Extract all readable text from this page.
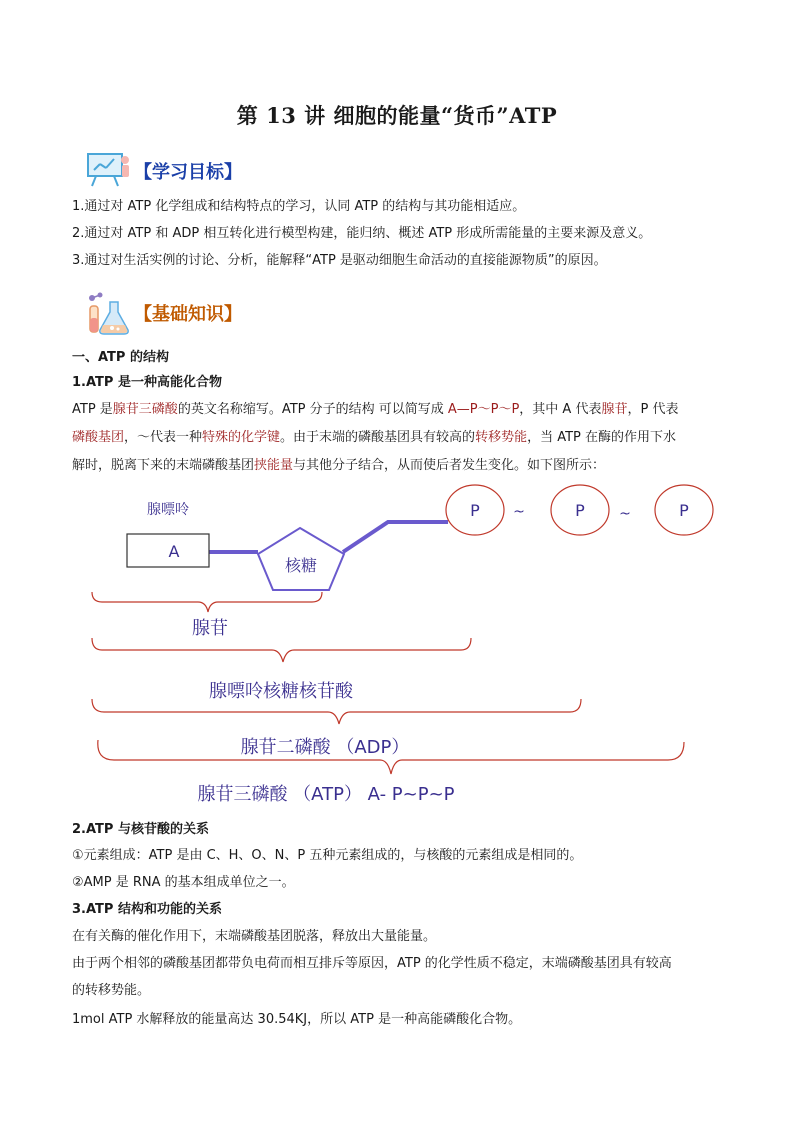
第 13 讲 细胞的能量“货币”ATP
【学习目标】
1.通过对 ATP 化学组成和结构特点的学习，认同 ATP 的结构与其功能相适应。
2.通过对 ATP 和 ADP 相互转化进行模型构建，能归纳、概述 ATP 形成所需能量的主要来源及意义。
3.通过对生活实例的讨论、分析，能解释“ATP 是驱动细胞生命活动的直接能源物质”的原因。
【基础知识】
一、ATP 的结构
1.ATP 是一种高能化合物
ATP 是腺苷三磷酸的英文名称缩写。ATP 分子的结构 可以简写成 A—P～P～P，其中 A 代表腺苷，P 代表
磷酸基团，～代表一种特殊的化学键。由于末端的磷酸基团具有较高的转移势能，当 ATP 在酶的作用下水
解时，脱离下来的末端磷酸基团挟能量与其他分子结合，从而使后者发生变化。如下图所示：
腺嘌呤
A
核糖
P ~	P ~	P
腺苷
腺嘌呤核糖核苷酸
腺苷二磷酸 （ADP）
腺苷三磷酸 （ATP） A- P~P~P
2.ATP 与核苷酸的关系
①元素组成：ATP 是由 C、H、O、N、P 五种元素组成的，与核酸的元素组成是相同的。
②AMP 是 RNA 的基本组成单位之一。
3.ATP 结构和功能的关系
在有关酶的催化作用下，末端磷酸基团脱落，释放出大量能量。
由于两个相邻的磷酸基团都带负电荷而相互排斥等原因，ATP 的化学性质不稳定，末端磷酸基团具有较高
的转移势能。
1mol ATP 水解释放的能量高达 30.54KJ，所以 ATP 是一种高能磷酸化合物。
